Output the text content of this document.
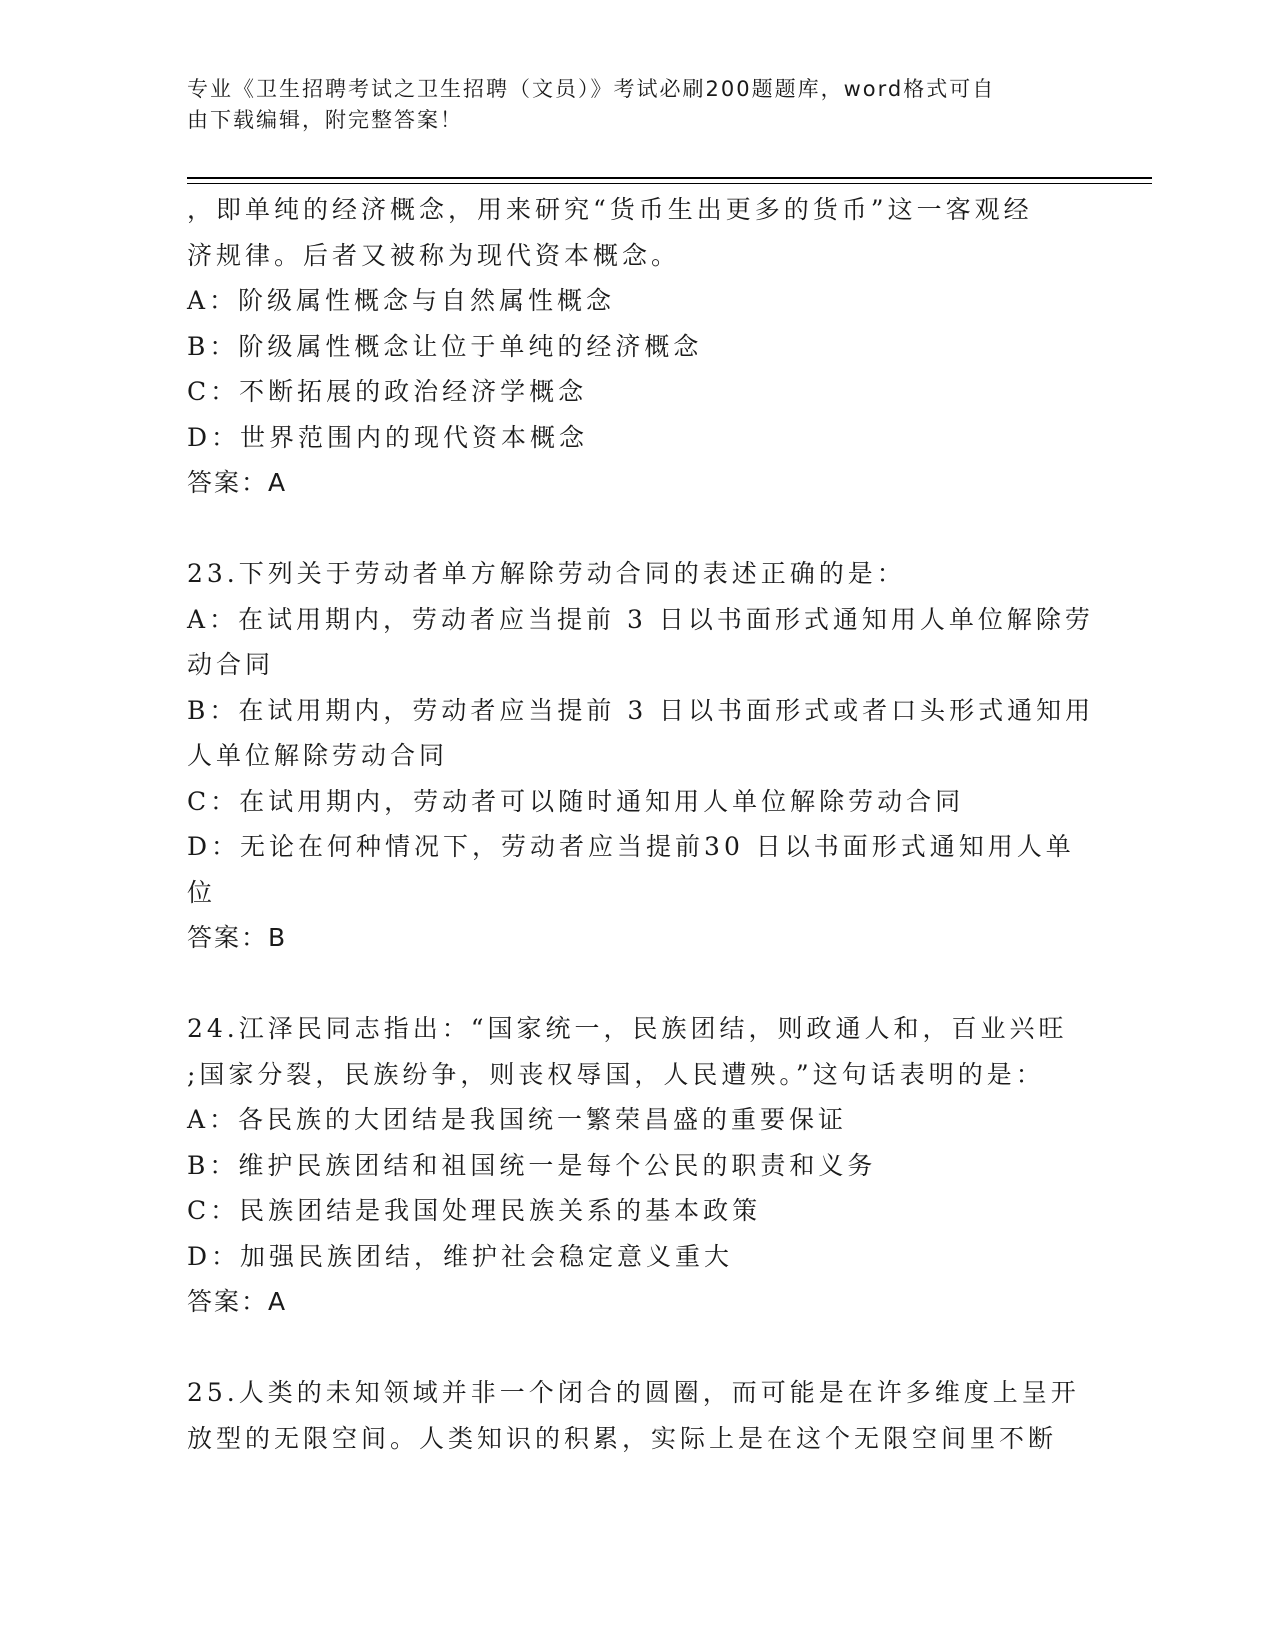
专业《卫生招聘考试之卫生招聘（文员）》考试必刷200题题库，word格式可自
由下载编辑，附完整答案！
，即单纯的经济概念，用来研究“货币生出更多的货币”这一客观经
济规律。后者又被称为现代资本概念。
A：阶级属性概念与自然属性概念
B：阶级属性概念让位于单纯的经济概念
C：不断拓展的政治经济学概念
D：世界范围内的现代资本概念
答案：A
23.下列关于劳动者单方解除劳动合同的表述正确的是：
A：在试用期内，劳动者应当提前 3 日以书面形式通知用人单位解除劳
动合同
B：在试用期内，劳动者应当提前 3 日以书面形式或者口头形式通知用
人单位解除劳动合同
C：在试用期内，劳动者可以随时通知用人单位解除劳动合同
D：无论在何种情况下，劳动者应当提前30 日以书面形式通知用人单
位
答案：B
24.江泽民同志指出：“国家统一，民族团结，则政通人和，百业兴旺
;国家分裂，民族纷争，则丧权辱国，人民遭殃。”这句话表明的是：
A：各民族的大团结是我国统一繁荣昌盛的重要保证
B：维护民族团结和祖国统一是每个公民的职责和义务
C：民族团结是我国处理民族关系的基本政策
D：加强民族团结，维护社会稳定意义重大
答案：A
25.人类的未知领域并非一个闭合的圆圈，而可能是在许多维度上呈开
放型的无限空间。人类知识的积累，实际上是在这个无限空间里不断
